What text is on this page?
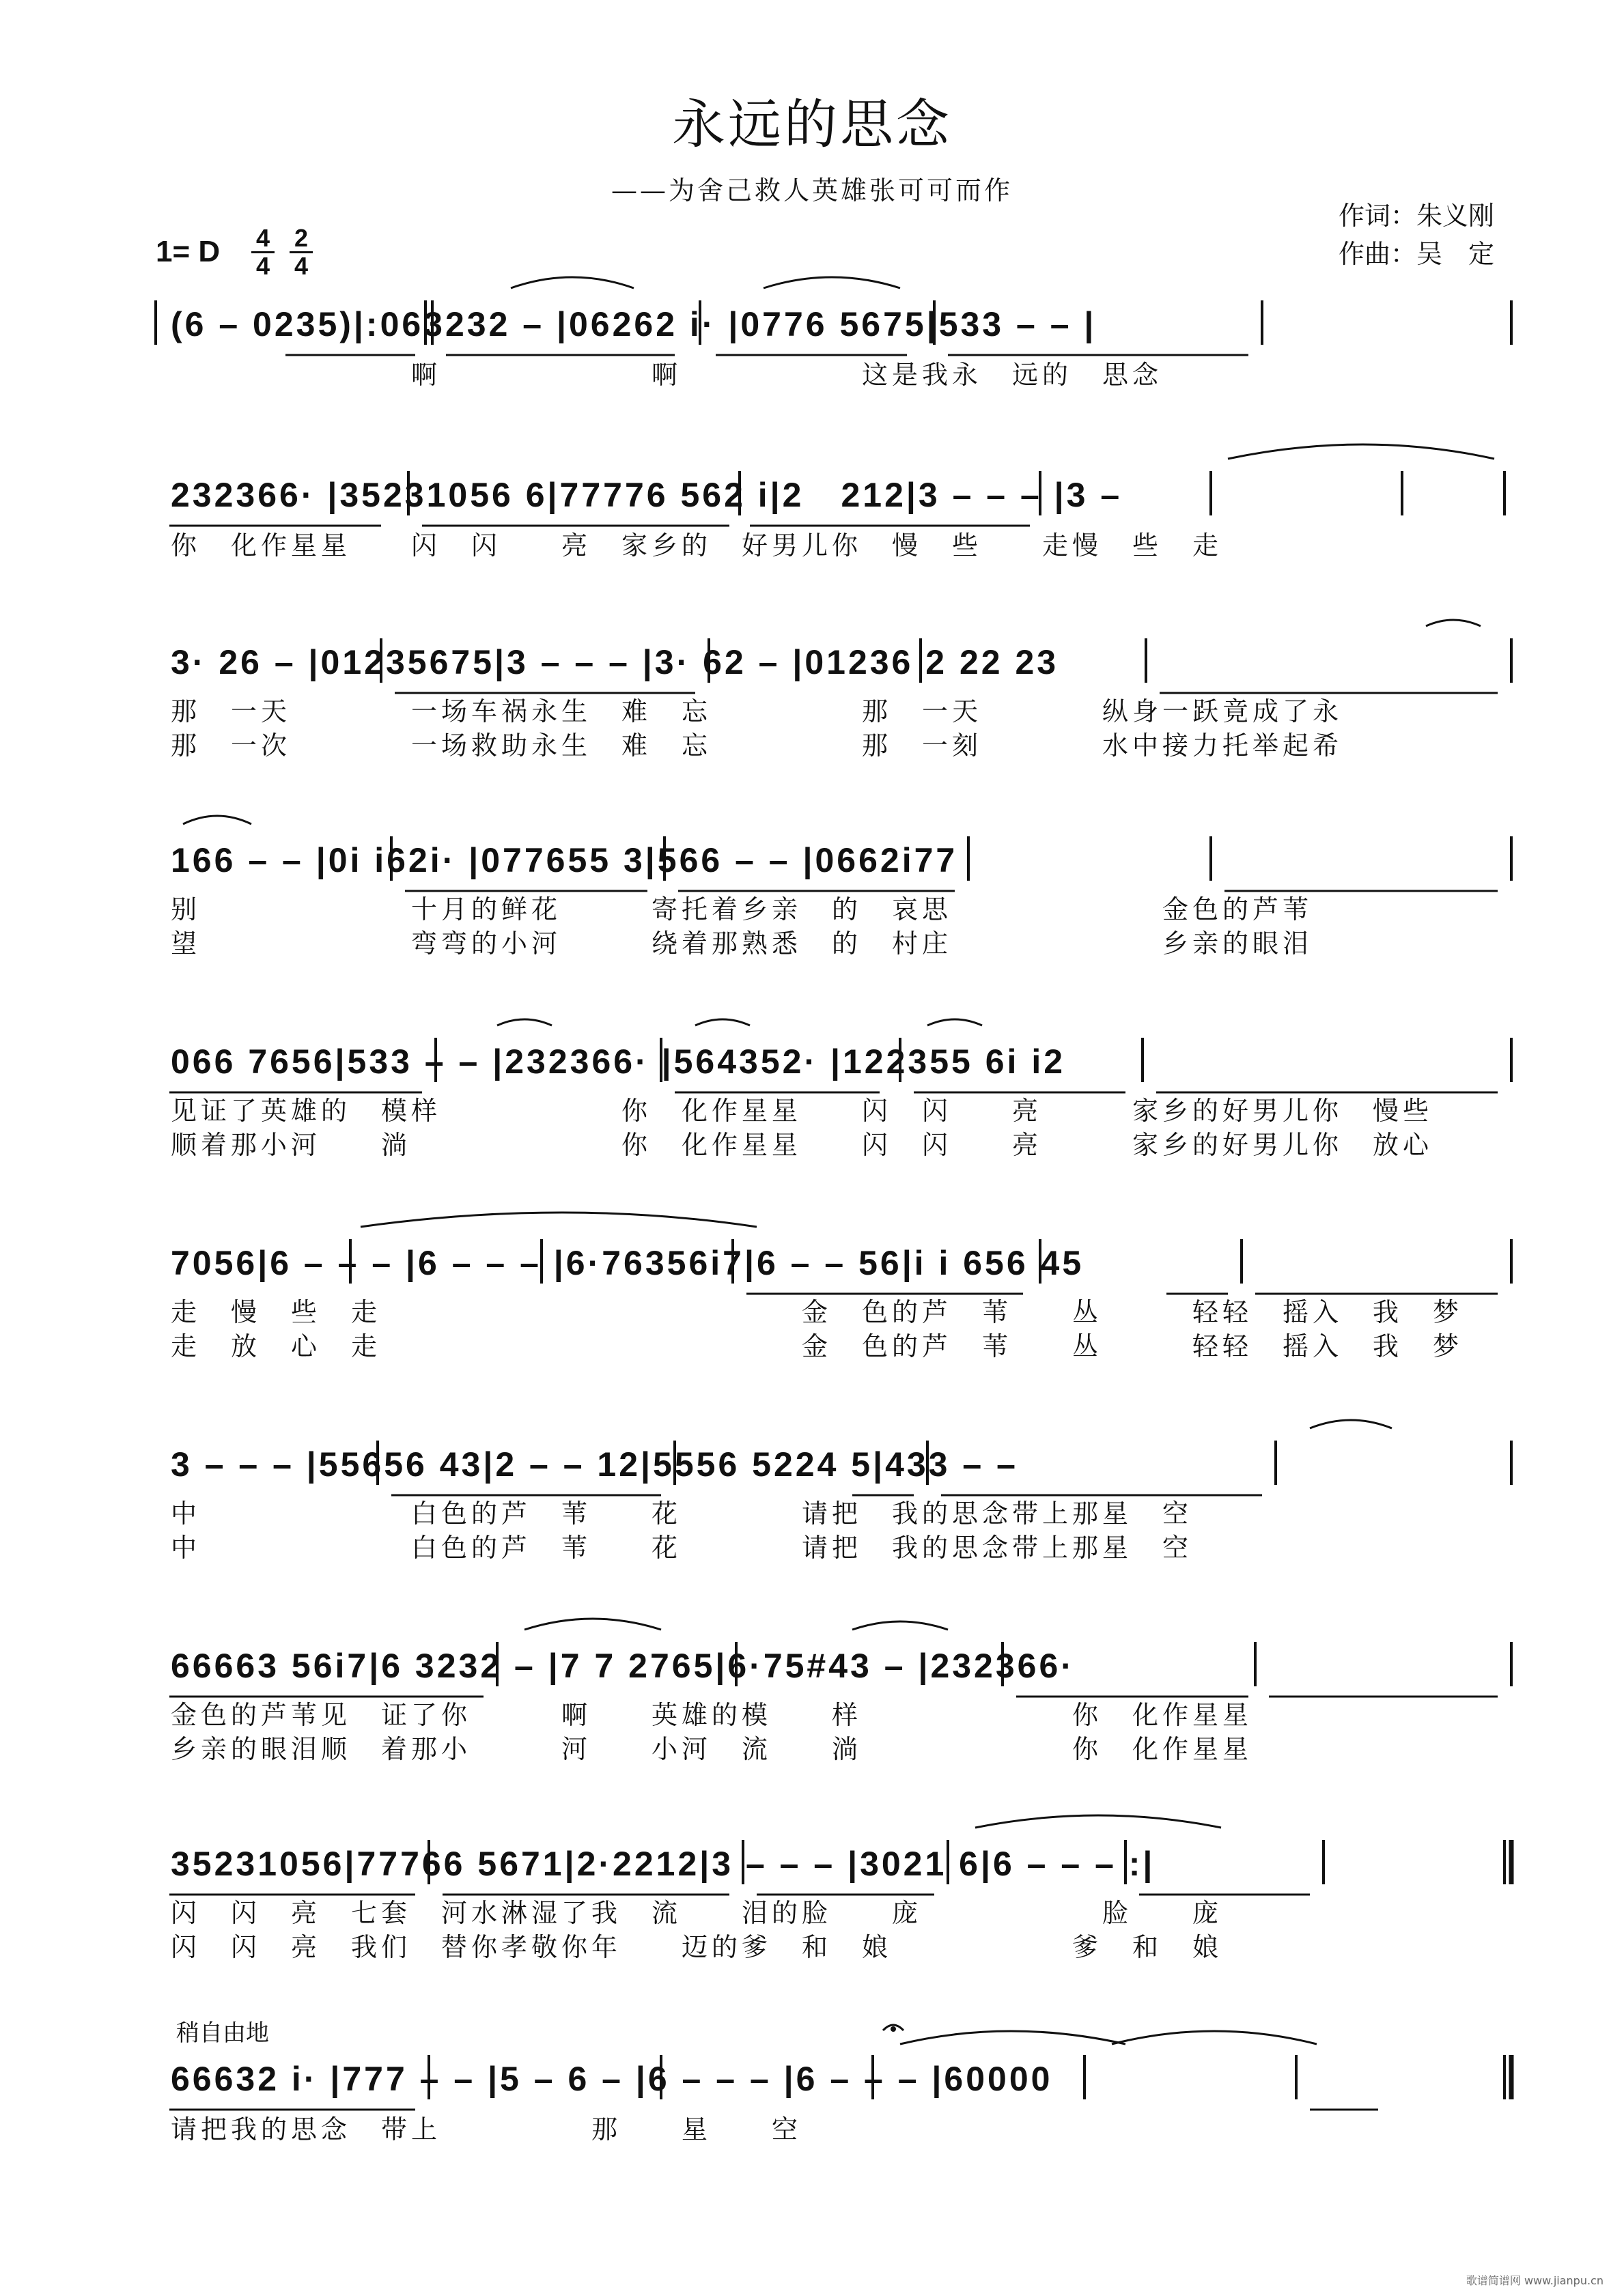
永远的思念
——为舍己救人英雄张可可而作
作词：朱义刚
作曲：吴　定
1= D $\frac{4}{4} \frac{2}{4}$
稍自由地
(6 – 0235)|:063232 – |06262 i· |0776 5675|533 – – |
　　　　　　　　啊　　　　　　　啊　　　　　　这是我永　远的　思念
232366· |35231056 6|77776 562 i|2　212|3 – – – |3 –
你　化作星星　　闪　闪　　亮　家乡的　好男儿你　慢　些　　走慢　些　走
3· 26 – |01235675|3 – – – |3· 62 – |01236 2 22 23
那　一天　　　　一场车祸永生　难　忘　　　　　那　一天　　　　纵身一跃竟成了永
那　一次　　　　一场救助永生　难　忘　　　　　那　一刻　　　　水中接力托举起希
166 – – |0i i62i· |077655 3|566 – – |0662i77
别　　　　　　　十月的鲜花　　　寄托着乡亲　的　哀思　　　　　　　金色的芦苇
望　　　　　　　弯弯的小河　　　绕着那熟悉　的　村庄　　　　　　　乡亲的眼泪
066 7656|533 – – |232366· |564352· |122355 6i i2
见证了英雄的　模样　　　　　　你　化作星星　　闪　闪　　亮　　　家乡的好男儿你　慢些
顺着那小河　　淌　　　　　　　你　化作星星　　闪　闪　　亮　　　家乡的好男儿你　放心
7056|6 – – – |6 – – – |6·76356i7|6 – – 56|i i 656 45
走　慢　些　走　　　　　　　　　　　　　　金　色的芦　苇　　丛　　　轻轻　摇入　我　梦
走　放　心　走　　　　　　　　　　　　　　金　色的芦　苇　　丛　　　轻轻　摇入　我　梦
3 – – – |55656 43|2 – – 12|5556 5224 5|433 – –
中　　　　　　　白色的芦　苇　　花　　　　请把　我的思念带上那星　空
中　　　　　　　白色的芦　苇　　花　　　　请把　我的思念带上那星　空
66663 56i7|6 3232 – |7 7 2765|6·75#43 – |232366·
金色的芦苇见　证了你　　　啊　　英雄的模　　样　　　　　　　你　化作星星
乡亲的眼泪顺　着那小　　　河　　小河　流　　淌　　　　　　　你　化作星星
35231056|77766 5671|2·2212|3 – – – |3021 6|6 – – – :|
闪　闪　亮　七套　河水淋湿了我　流　　泪的脸　　庞　　　　　　脸　　庞
闪　闪　亮　我们　替你孝敬你年　　迈的爹　和　娘　　　　　　爹　和　娘
66632 i· |777 – – |5 – 6 – |6 – – – |6 – – – |60000
请把我的思念　带上　　　　　那　　星　　空
歌谱简谱网 www.jianpu.cn
